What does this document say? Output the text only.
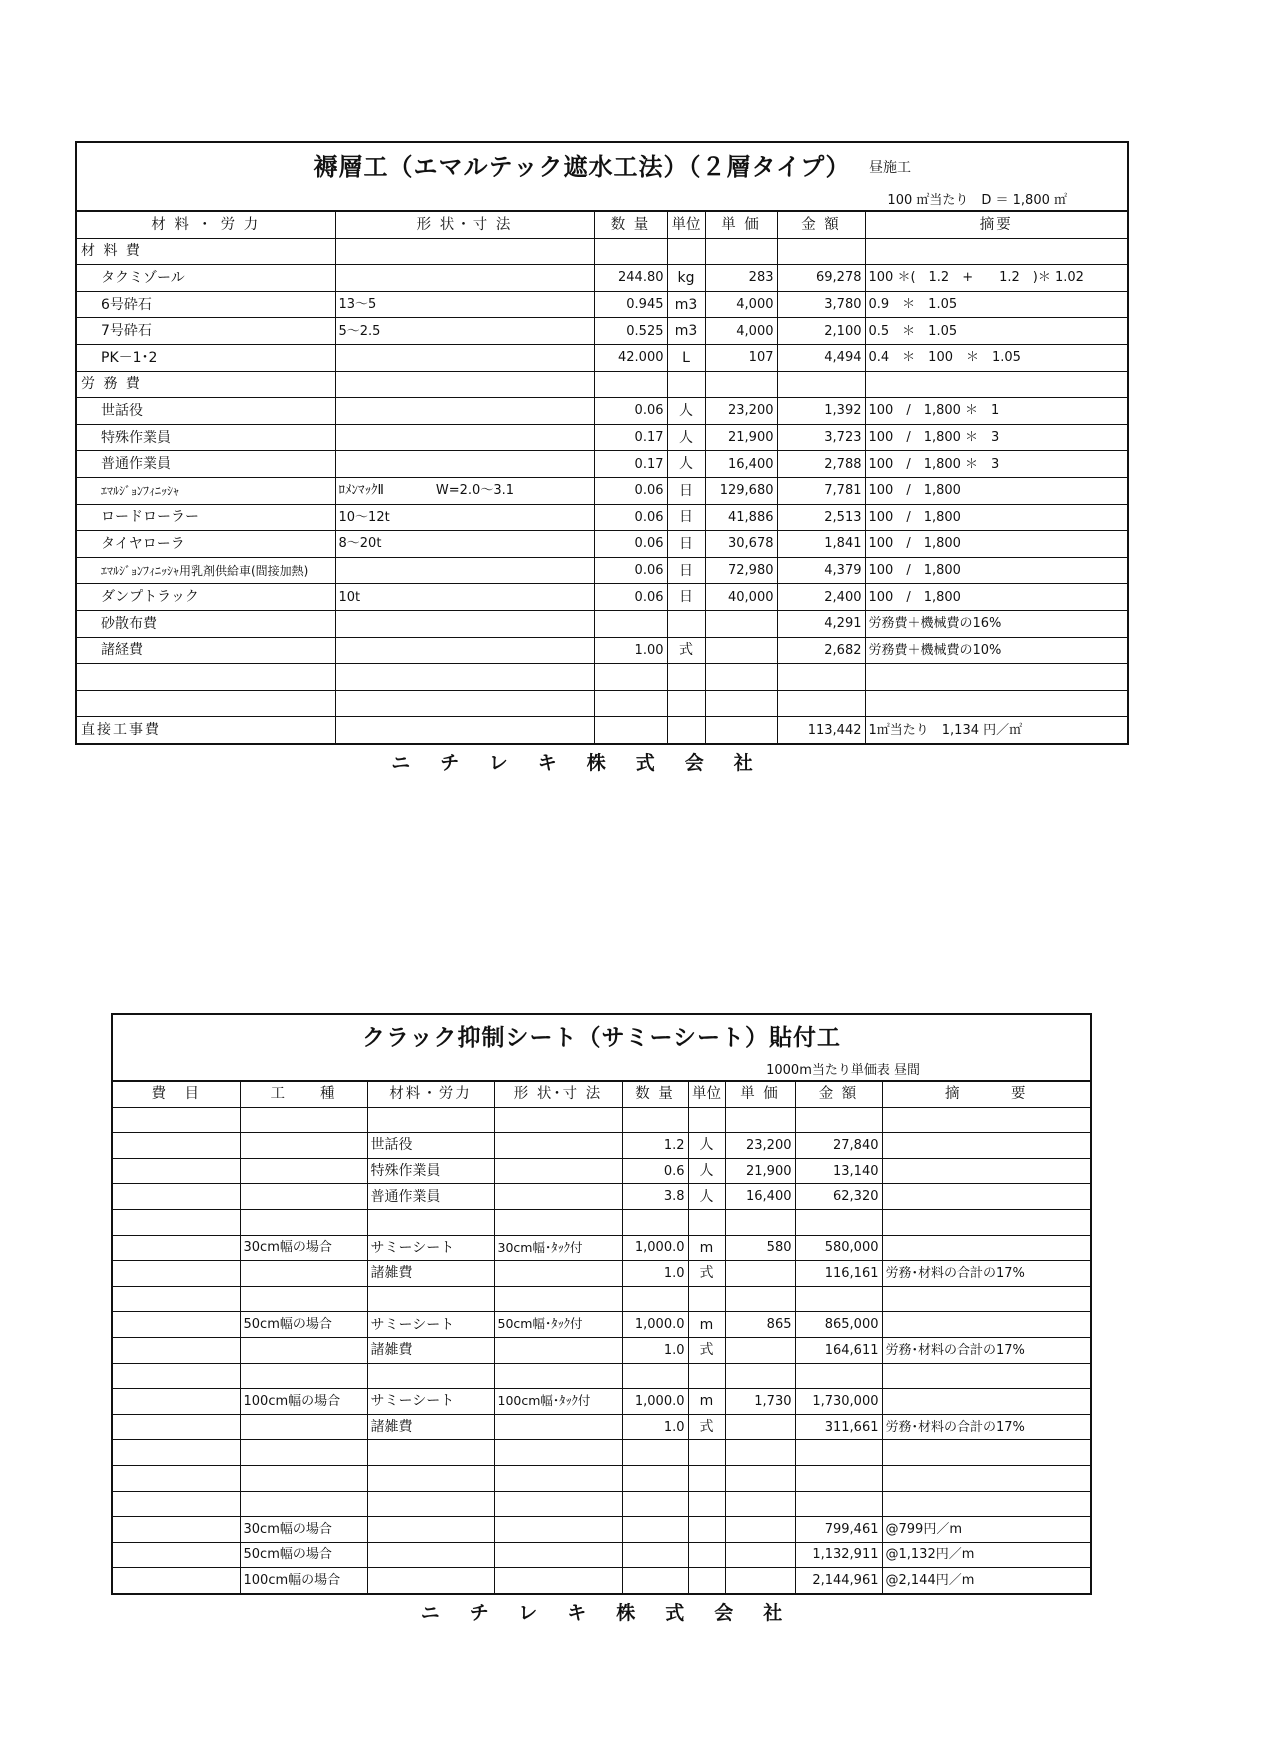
褥層工（エマルテック遮水工法）（２層タイプ）	昼施工
100 ㎡当たり　D ＝ 1,800 ㎡
材 料 ・ 労 力	形 状・寸 法	数 量	単位	単 価	金 額	摘要
材 料 費						
タクミゾール		244.80	kg	283	69,278	100 ＊(　1.2　+　　1.2　)＊ 1.02
6号砕石	13～5	0.945	m3	4,000	3,780	0.9　＊　1.05
7号砕石	5～2.5	0.525	m3	4,000	2,100	0.5　＊　1.05
PK－1･2		42.000	L	107	4,494	0.4　＊　100　＊　1.05
労 務 費						
世話役		0.06	人	23,200	1,392	100　/　1,800 ＊　1
特殊作業員		0.17	人	21,900	3,723	100　/　1,800 ＊　3
普通作業員		0.17	人	16,400	2,788	100　/　1,800 ＊　3
ｴﾏﾙｼﾞｮﾝﾌｨﾆｯｼｬ	ﾛﾒﾝﾏｯｸⅡ　　　　W=2.0～3.1	0.06	日	129,680	7,781	100　/　1,800
ロードローラー	10～12t	0.06	日	41,886	2,513	100　/　1,800
タイヤローラ	8～20t	0.06	日	30,678	1,841	100　/　1,800
ｴﾏﾙｼﾞｮﾝﾌｨﾆｯｼｬ用乳剤供給車(間接加熱)		0.06	日	72,980	4,379	100　/　1,800
ダンプトラック	10t	0.06	日	40,000	2,400	100　/　1,800
砂散布費					4,291	労務費＋機械費の16%
諸経費		1.00	式		2,682	労務費＋機械費の10%

直接工事費					113,442	1㎡当たり　1,134 円／㎡
ニチレキ株式会社
クラック抑制シート（サミーシート）貼付工
1000m当たり単価表 昼間
費　目	工　　種	材料・労力	形 状･寸 法	数 量	単位	単 価	金 額	摘　　　要

		世話役		1.2	人	23,200	27,840	
		特殊作業員		0.6	人	21,900	13,140	
		普通作業員		3.8	人	16,400	62,320	

	30cm幅の場合	サミーシート	30cm幅･ﾀｯｸ付	1,000.0	m	580	580,000	
		諸雑費		1.0	式		116,161	労務･材料の合計の17%

	50cm幅の場合	サミーシート	50cm幅･ﾀｯｸ付	1,000.0	m	865	865,000	
		諸雑費		1.0	式		164,611	労務･材料の合計の17%

	100cm幅の場合	サミーシート	100cm幅･ﾀｯｸ付	1,000.0	m	1,730	1,730,000	
		諸雑費		1.0	式		311,661	労務･材料の合計の17%

	30cm幅の場合						799,461	@799円／m
	50cm幅の場合						1,132,911	@1,132円／m
	100cm幅の場合						2,144,961	@2,144円／m
ニチレキ株式会社
